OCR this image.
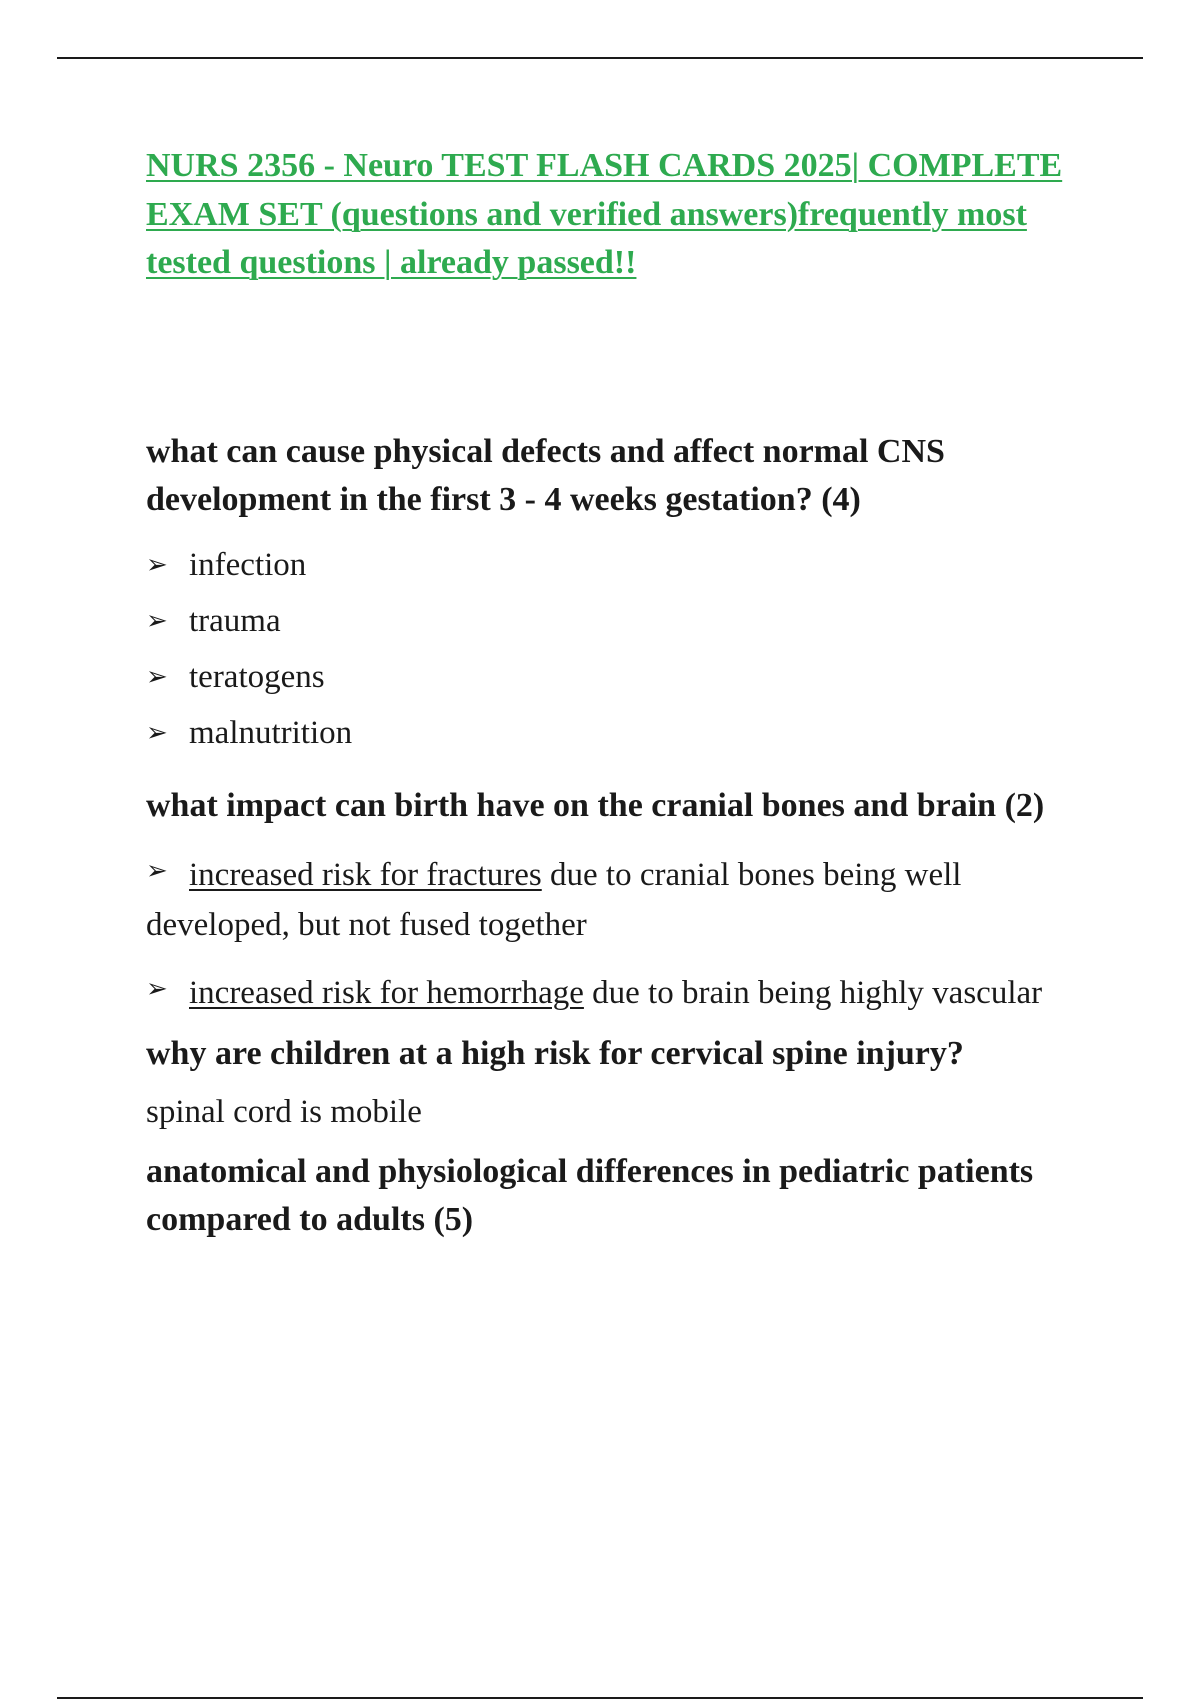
NURS 2356 - Neuro TEST FLASH CARDS 2025| COMPLETE EXAM SET (questions and verified answers)frequently most tested questions | already passed!!

what can cause physical defects and affect normal CNS development in the first 3 - 4 weeks gestation? (4)

➢ infection
➢ trauma
➢ teratogens
➢ malnutrition

what impact can birth have on the cranial bones and brain (2)

➢ increased risk for fractures due to cranial bones being well developed, but not fused together

➢ increased risk for hemorrhage due to brain being highly vascular

why are children at a high risk for cervical spine injury?

spinal cord is mobile

anatomical and physiological differences in pediatric patients compared to adults (5)
